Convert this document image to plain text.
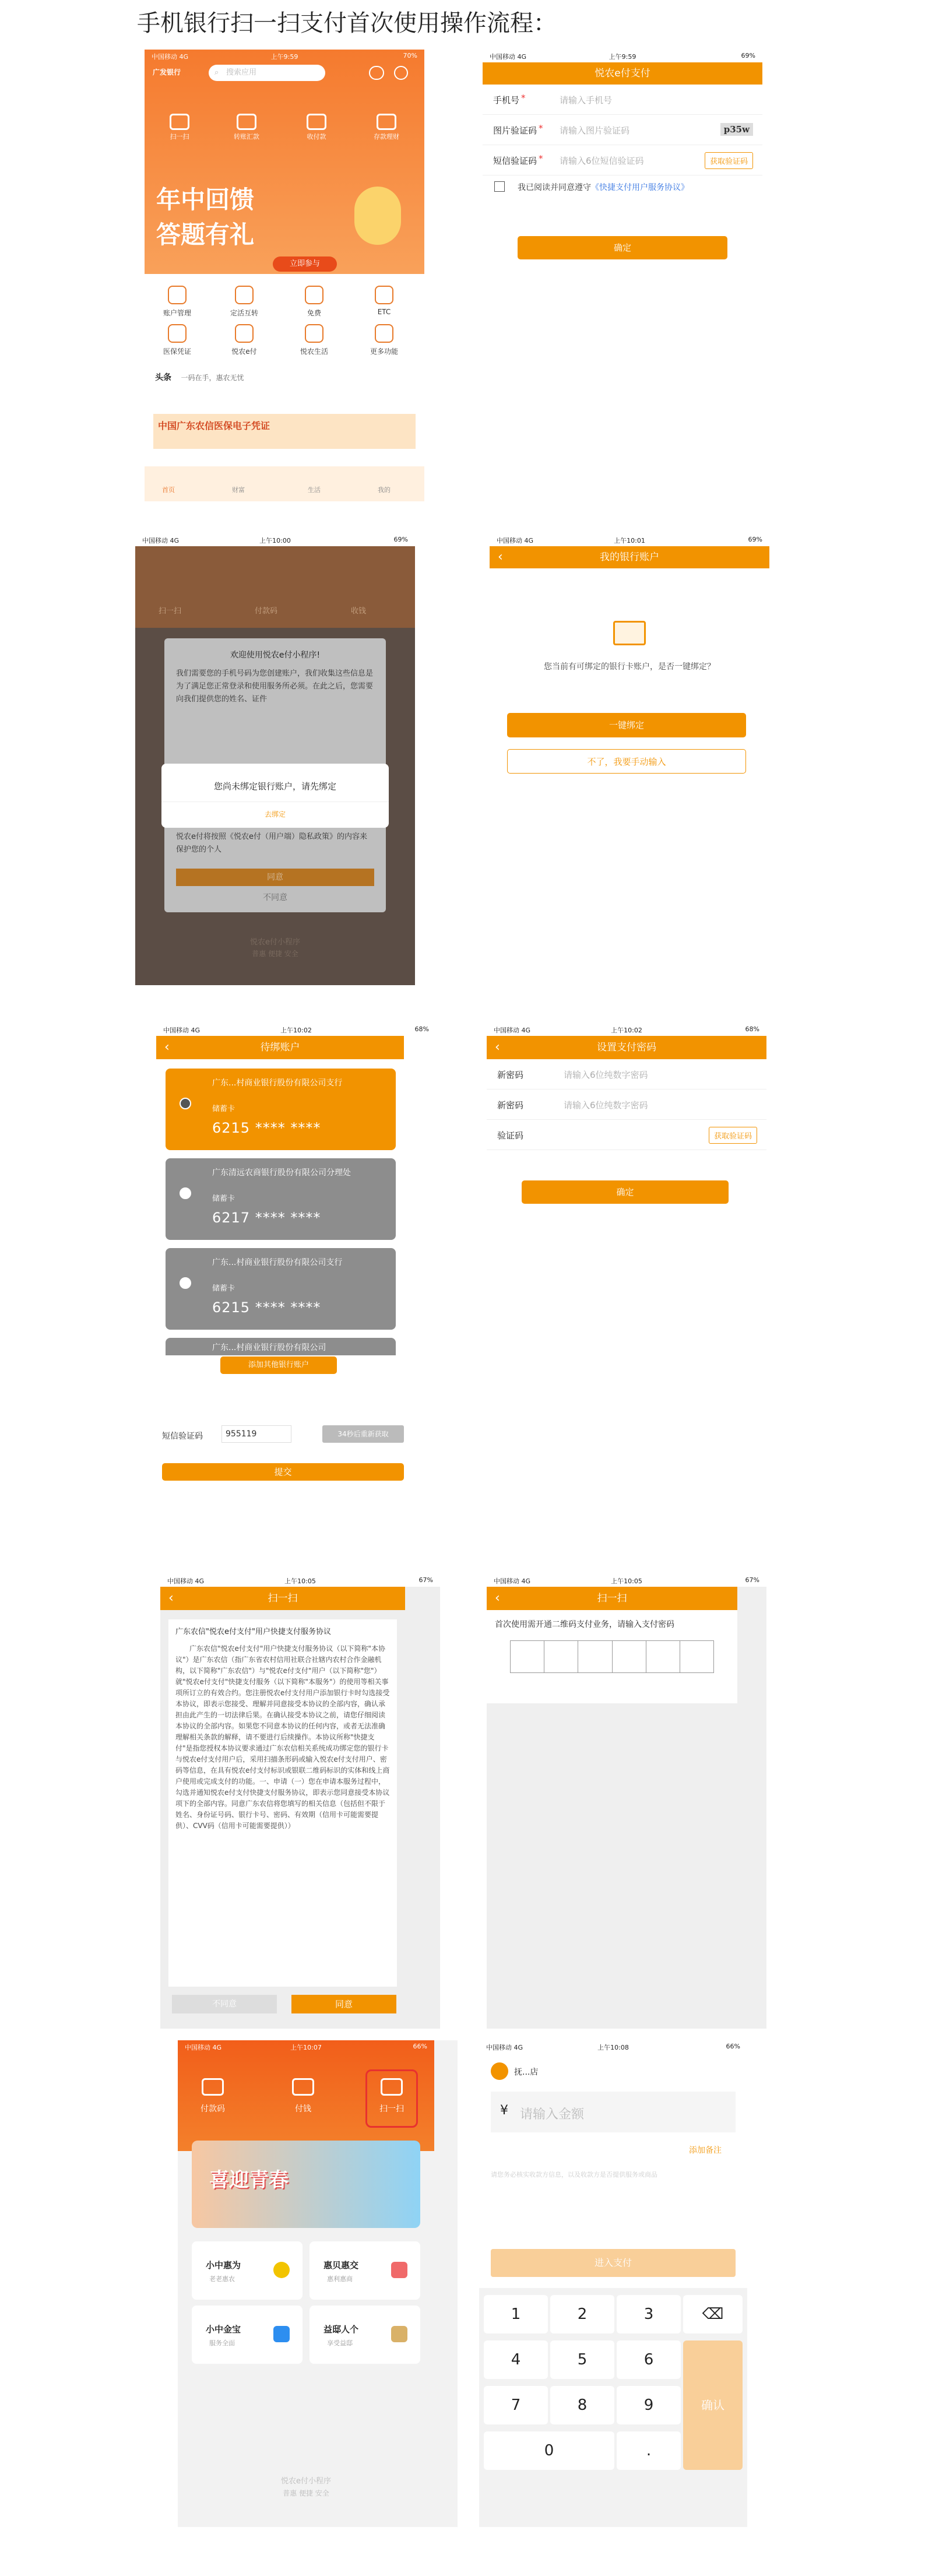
手机银行扫一扫支付首次使用操作流程：
中国移动 4G	上午9:59	70%
广发银行	⌕ 搜索应用
扫一扫	转账汇款	收付款	存款理财
年中回馈
答题有礼
立即参与
账户管理	定活互转	免费	ETC
医保凭证	悦农e付	悦农生活	更多功能
头条 一码在手，惠农无忧
中国广东农信医保电子凭证
首页	财富	生活	我的
中国移动 4G	上午9:59	69%
悦农e付支付
手机号 *	请输入手机号
图片验证码 * 请输入图片验证码	p35w
短信验证码 * 请输入6位短信验证码	获取验证码
我已阅读并同意遵守《快捷支付用户服务协议》
确定
中国移动 4G	上午10:00	69%
扫一扫	付款码	收钱
欢迎使用悦农e付小程序!
我们需要您的手机号码为您创建账户，我们收集这些信息是为了满足您正常登录和使用服务所必须。在此之后，您需要向我们提供您的姓名、证件
悦农e付将按照《悦农e付（用户端）隐私政策》的内容来保护您的个人
同意
不同意
您尚未绑定银行账户，请先绑定
去绑定
悦农e付小程序
普惠 便捷 安全
中国移动 4G	上午10:01	69%
‹	我的银行账户
您当前有可绑定的银行卡账户，是否一键绑定？
一键绑定
不了，我要手动输入
中国移动 4G	上午10:02	68%
‹	待绑账户
广东...村商业银行股份有限公司支行
储蓄卡
6215 **** ****
广东清远农商银行股份有限公司分理处
储蓄卡
6217 **** ****
广东...村商业银行股份有限公司支行
储蓄卡
6215 **** ****
广东...村商业银行股份有限公司
添加其他银行账户
短信验证码	955119	34秒后重新获取
提交
中国移动 4G	上午10:02	68%
‹	设置支付密码
新密码	请输入6位纯数字密码
新密码	请输入6位纯数字密码
验证码	获取验证码
确定
中国移动 4G	上午10:05	67%
‹	扫一扫
广东农信"悦农e付支付"用户快捷支付服务协议
广东农信"悦农e付支付"用户快捷支付服务协议（以下简称"本协议"）是广东农信（指广东省农村信用社联合社辖内农村合作金融机构，以下简称"广东农信"）与"悦农e付支付"用户（以下简称"您"）就"悦农e付支付"快捷支付服务（以下简称"本服务"）的使用等相关事项所订立的有效合约。您注册悦农e付支付用户添加银行卡时勾选接受本协议，即表示您接受、理解并同意接受本协议的全部内容，确认承担由此产生的一切法律后果。在确认接受本协议之前，请您仔细阅读本协议的全部内容。如果您不同意本协议的任何内容，或者无法准确理解相关条款的解释，请不要进行后续操作。本协议所称"快捷支付"是指您授权本协议要求通过广东农信相关系统成功绑定您的银行卡与悦农e付支付用户后，采用扫描条形码或输入悦农e付支付用户、密码等信息，在具有悦农e付支付标识或银联二维码标识的实体和线上商户使用或完成支付的功能。一、申请（一）您在申请本服务过程中，勾选并通知悦农e付支付快捷支付服务协议，即表示您同意接受本协议项下的全部内容。同意广东农信将您填写的相关信息（包括但不限于姓名、身份证号码、银行卡号、密码、有效期（信用卡可能需要提供）、CVV码（信用卡可能需要提供））
不同意	同意
中国移动 4G	上午10:05	67%
‹	扫一扫
首次使用需开通二维码支付业务，请输入支付密码
中国移动 4G	上午10:07	66%
付款码	付钱	扫一扫
喜迎青春
小中惠为
老老惠农
惠贝惠交
惠利惠商
小中金宝
服务全面
益邸人个
享受益邸
悦农e付小程序
普惠 便捷 安全
中国移动 4G	上午10:08	66%
抚...店
¥ 请输入金额
添加备注
请您务必核实收款方信息，以及收款方是否提供服务或商品
进入支付
1	2	3	⌫
4	5	6
7	8	9
0	.
确认
